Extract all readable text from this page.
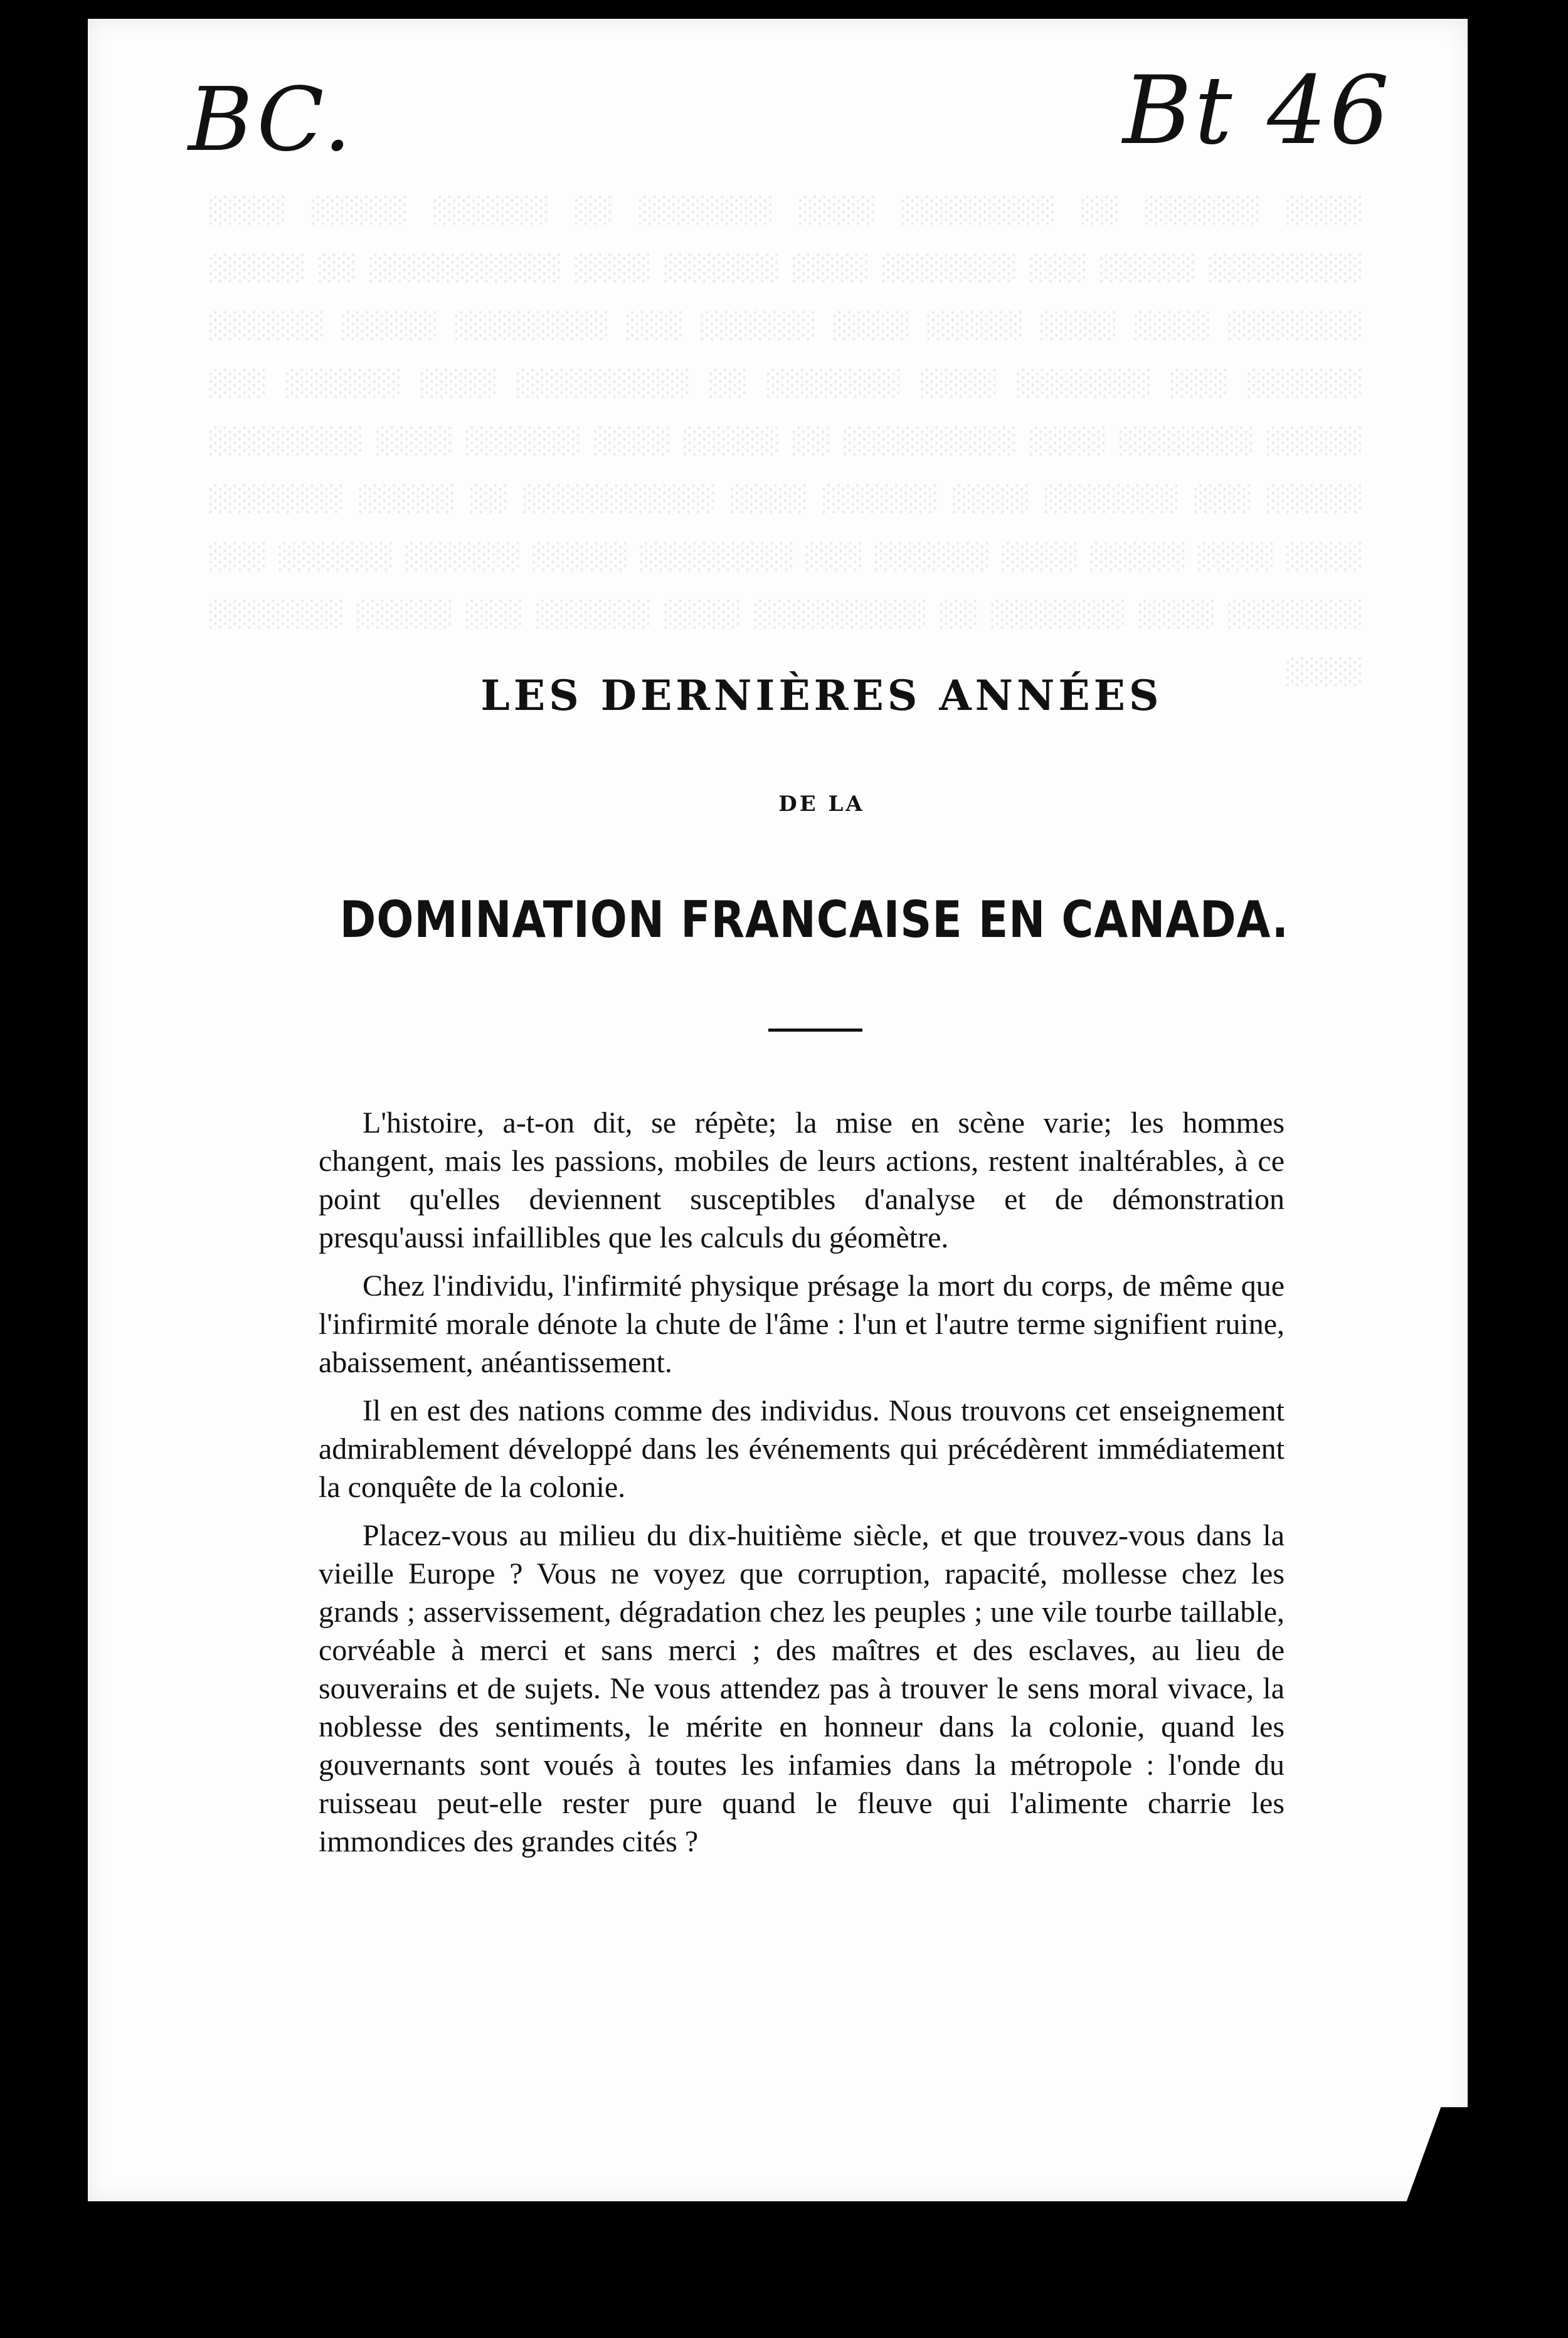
░░░░ ░░░░░░ ░░ ░░░░░░░░ ░░░░ ░░░░░░░ ░░ ░░░░░░ ░░░░░ ░░░░ ░░░░░░░░ ░░░░░ ░░░ ░░░░░░░ ░░░░ ░░░░░░ ░░░░ ░░░░░░░░░░ ░░ ░░░░░ ░░░░░░░ ░░░░ ░░░░ ░░░░░ ░░░░ ░░░░░░ ░░░ ░░░░░░░░ ░░░░░ ░░░░░░ ░░░░░░ ░░░ ░░░░░░░ ░░░░ ░░░░░░░ ░░ ░░░░░░░░░ ░░░░ ░░░░░░ ░░░ ░░░░░ ░░░░░░░ ░░░░ ░░░░░░░░░ ░░ ░░░░░ ░░░░ ░░░░░░ ░░░░ ░░░░░░░░ ░░░░░ ░░░ ░░░░░░░ ░░░░ ░░░░░░ ░░░░ ░░░░░░░░░░ ░░ ░░░░░ ░░░░░░░ ░░░░ ░░░░ ░░░░░ ░░░░ ░░░░░░ ░░░ ░░░░░░░░ ░░░░░ ░░░░░░ ░░░░░░ ░░░ ░░░░░░░ ░░░░ ░░░░░░░ ░░ ░░░░░░░░░ ░░░░ ░░░░░░ ░░░ ░░░░░ ░░░░░░░ ░░░░
BC.	Bt 46
LES DERNIÈRES ANNÉES
DE LA
DOMINATION FRANCAISE EN CANADA.

L'histoire, a-t-on dit, se répète; la mise en scène varie; les hommes changent, mais les passions, mobiles de leurs actions, restent inaltérables, à ce point qu'elles deviennent susceptibles d'analyse et de démonstration presqu'aussi infaillibles que les calculs du géomètre.

Chez l'individu, l'infirmité physique présage la mort du corps, de même que l'infirmité morale dénote la chute de l'âme : l'un et l'autre terme signifient ruine, abaissement, anéantissement.

Il en est des nations comme des individus. Nous trouvons cet enseignement admirablement développé dans les événements qui précédèrent immédiatement la conquête de la colonie.

Placez-vous au milieu du dix-huitième siècle, et que trouvez-vous dans la vieille Europe ? Vous ne voyez que corruption, rapacité, mollesse chez les grands ; asservissement, dégradation chez les peuples ; une vile tourbe taillable, corvéable à merci et sans merci ; des maîtres et des esclaves, au lieu de souverains et de sujets. Ne vous attendez pas à trouver le sens moral vivace, la noblesse des sentiments, le mérite en honneur dans la colonie, quand les gouvernants sont voués à toutes les infamies dans la métropole : l'onde du ruisseau peut-elle rester pure quand le fleuve qui l'alimente charrie les immondices des grandes cités ?
